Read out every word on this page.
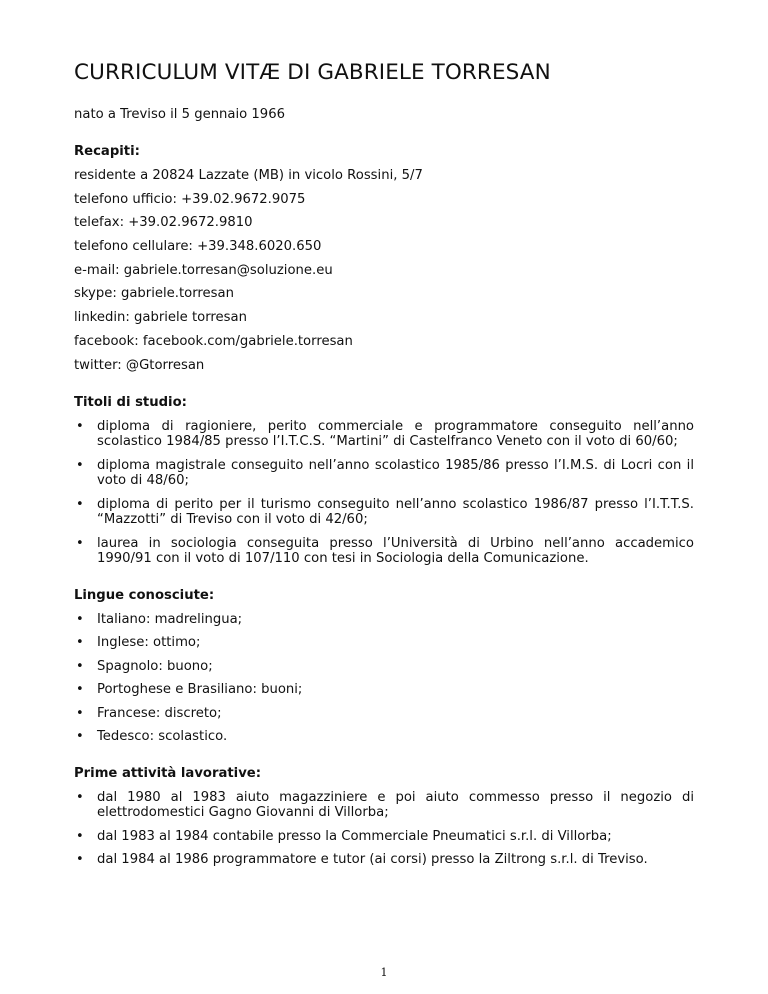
CURRICULUM VITÆ DI GABRIELE TORRESAN

nato a Treviso il 5 gennaio 1966

Recapiti:

residente a 20824 Lazzate (MB) in vicolo Rossini, 5/7

telefono ufficio: +39.02.9672.9075

telefax: +39.02.9672.9810

telefono cellulare: +39.348.6020.650

e-mail: gabriele.torresan@soluzione.eu

skype: gabriele.torresan

linkedin: gabriele torresan

facebook: facebook.com/gabriele.torresan

twitter: @Gtorresan

Titoli di studio:

• diploma di ragioniere, perito commerciale e programmatore conseguito nell’anno scolastico 1984/85 presso l’I.T.C.S. “Martini” di Castelfranco Veneto con il voto di 60/60;
• diploma magistrale conseguito nell’anno scolastico 1985/86 presso l’I.M.S. di Locri con il voto di 48/60;
• diploma di perito per il turismo conseguito nell’anno scolastico 1986/87 presso l’I.T.T.S. “Mazzotti” di Treviso con il voto di 42/60;
• laurea in sociologia conseguita presso l’Università di Urbino nell’anno accademico 1990/91 con il voto di 107/110 con tesi in Sociologia della Comunicazione.

Lingue conosciute:

• Italiano: madrelingua;
• Inglese: ottimo;
• Spagnolo: buono;
• Portoghese e Brasiliano: buoni;
• Francese: discreto;
• Tedesco: scolastico.

Prime attività lavorative:

• dal 1980 al 1983 aiuto magazziniere e poi aiuto commesso presso il negozio di elettrodomestici Gagno Giovanni di Villorba;
• dal 1983 al 1984 contabile presso la Commerciale Pneumatici s.r.l. di Villorba;
• dal 1984 al 1986 programmatore e tutor (ai corsi) presso la Ziltrong s.r.l. di Treviso.
1
